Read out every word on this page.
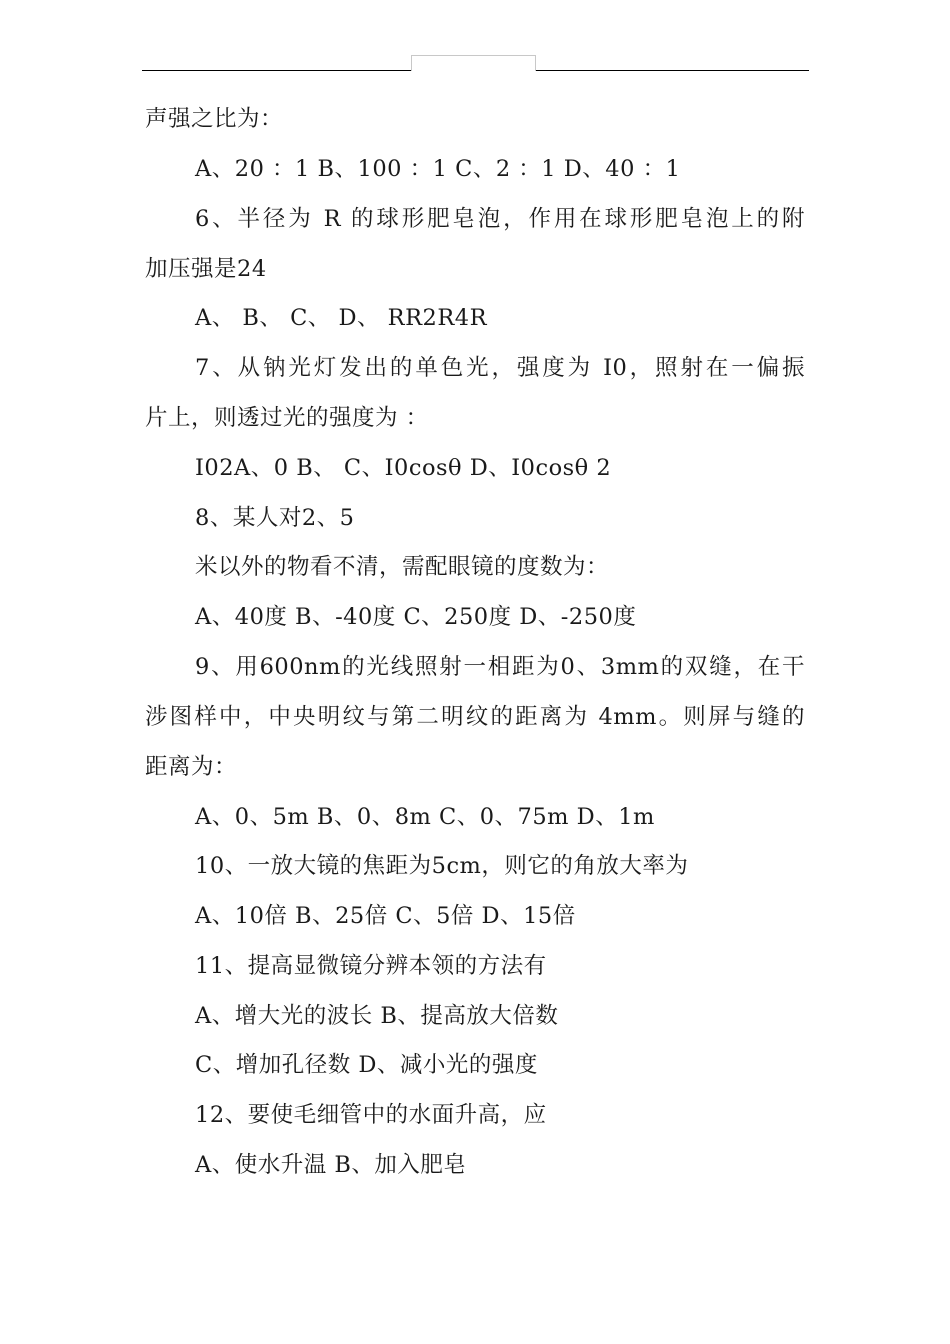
声强之比为：
A、20 ：1 B、100 ：1 C、2 ：1 D、40 ：1
6、半径为 R 的球形肥皂泡，作用在球形肥皂泡上的附
加压强是24
A、 B、 C、 D、 RR2R4R
7、从钠光灯发出的单色光，强度为 I0，照射在一偏振
片上，则透过光的强度为 ：
I02A、0 B、 C、I0cosθ D、I0cosθ 2
8、某人对2、5
米以外的物看不清，需配眼镜的度数为：
A、40度 B、-40度 C、250度 D、-250度
9、用600nm的光线照射一相距为0、3mm的双缝，在干
涉图样中，中央明纹与第二明纹的距离为 4mm。则屏与缝的
距离为：
A、0、5m B、0、8m C、0、75m D、1m
10、一放大镜的焦距为5cm，则它的角放大率为
A、10倍 B、25倍 C、5倍 D、15倍
11、提高显微镜分辨本领的方法有
A、增大光的波长 B、提高放大倍数
C、增加孔径数 D、减小光的强度
12、要使毛细管中的水面升高，应
A、使水升温 B、加入肥皂
